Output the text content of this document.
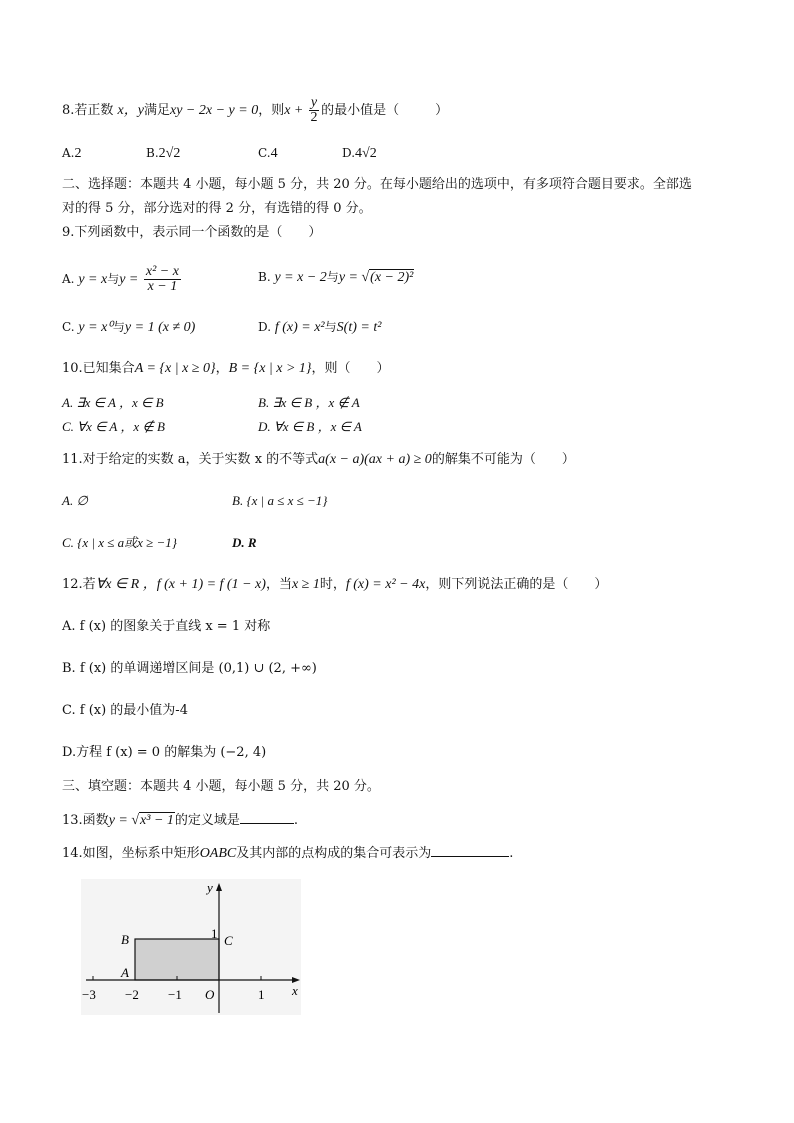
8.若正数 x，y满足xy − 2x − y = 0，则$x + \frac{y}{2}$ 的最小值是（	）
A.2	B.2√2	C.4	D.4√2
二、选择题：本题共 4 小题，每小题 5 分，共 20 分。在每小题给出的选项中，有多项符合题目要求。全部选
对的得 5 分，部分选对的得 2 分，有选错的得 0 分。
9.下列函数中，表示同一个函数的是（　　）
A. y = x与$y = \frac{\text{x² − x}}{x - 1}$	B. y = x − 2与y = √(x − 2)²
C. y = x⁰与y = 1 (x ≠ 0)	D. f (x) = x²与S(t) = t²
10.已知集合A = {x | x ≥ 0}，B = {x | x > 1}，则（　　）
A. ∃x ∈ A ，x ∈ B	B. ∃x ∈ B ，x ∉ A
C. ∀x ∈ A ，x ∉ B	D. ∀x ∈ B ，x ∈ A
11.对于给定的实数 a，关于实数 x 的不等式a(x − a)(ax + a) ≥ 0的解集不可能为（　　）
A. ∅	B. {x | a ≤ x ≤ −1}
C. {x | x ≤ a或x ≥ −1}	D. R
12.若∀x ∈ R ，f (x + 1) = f (1 − x)，当x ≥ 1时，f (x) = x² − 4x，则下列说法正确的是（　　）
A. f (x) 的图象关于直线 x = 1 对称
B. f (x) 的单调递增区间是 (0,1) ∪ (2, +∞)
C. f (x) 的最小值为-4
D.方程 f (x) = 0 的解集为 (−2, 4)
三、填空题：本题共 4 小题，每小题 5 分，共 20 分。
13.函数y = √x³ − 1的定义域是	.
14.如图，坐标系中矩形OABC及其内部的点构成的集合可表示为	.
−3 −2 −1 O	1 x
y
1
A
B	C
